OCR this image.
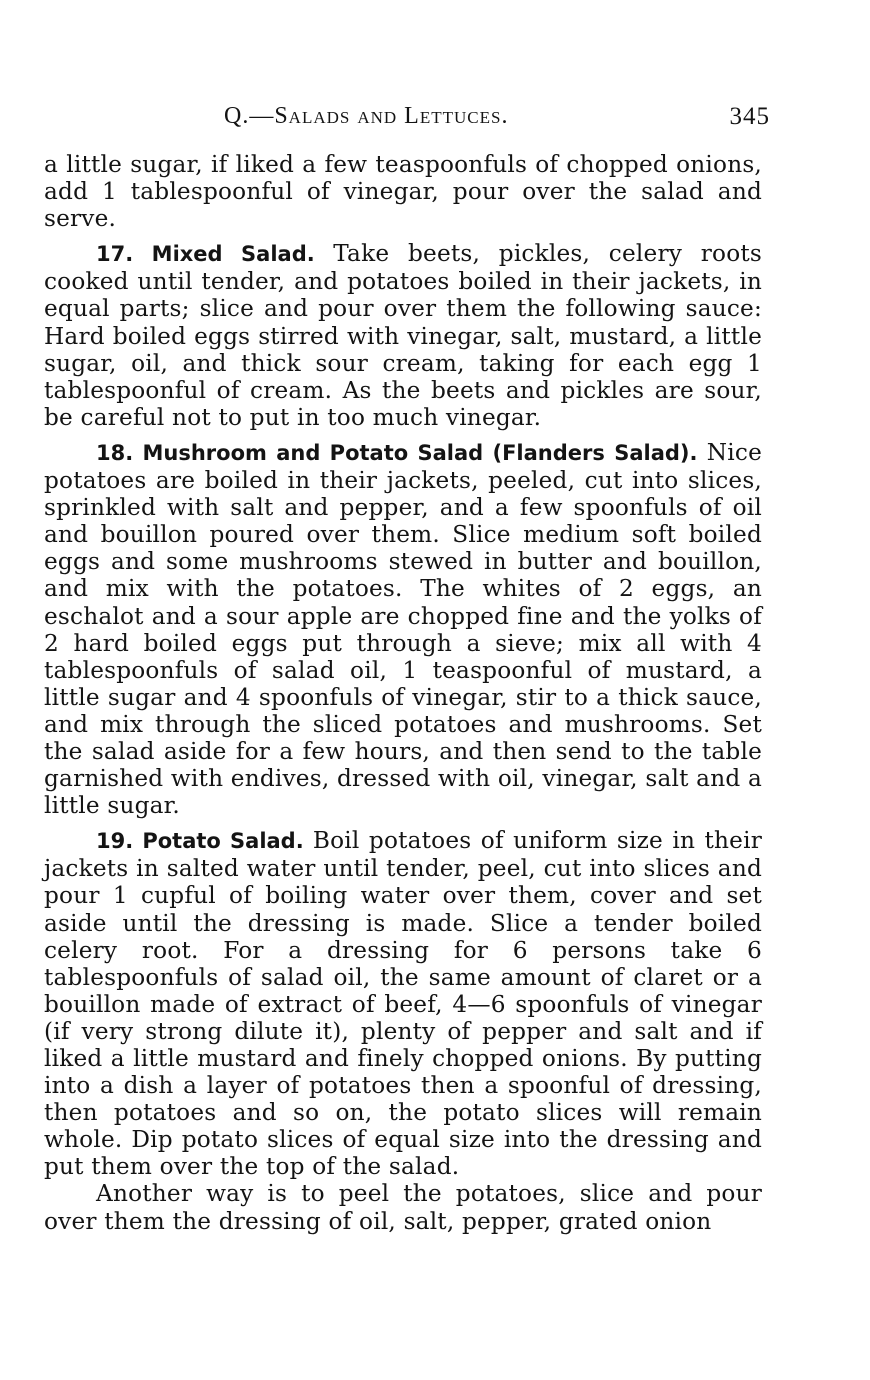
Q.—Salads and Lettuces.	345

a little sugar, if liked a few teaspoonfuls of chopped onions, add 1 tablespoonful of vinegar, pour over the salad and serve.

17. Mixed Salad. Take beets, pickles, celery roots cooked until tender, and potatoes boiled in their jackets, in equal parts; slice and pour over them the following sauce: Hard boiled eggs stirred with vinegar, salt, mustard, a little sugar, oil, and thick sour cream, taking for each egg 1 tablespoonful of cream. As the beets and pickles are sour, be careful not to put in too much vinegar.

18. Mushroom and Potato Salad (Flanders Salad). Nice potatoes are boiled in their jackets, peeled, cut into slices, sprinkled with salt and pepper, and a few spoonfuls of oil and bouillon poured over them. Slice medium soft boiled eggs and some mushrooms stewed in butter and bouillon, and mix with the potatoes. The whites of 2 eggs, an eschalot and a sour apple are chopped fine and the yolks of 2 hard boiled eggs put through a sieve; mix all with 4 tablespoonfuls of salad oil, 1 teaspoonful of mustard, a little sugar and 4 spoonfuls of vinegar, stir to a thick sauce, and mix through the sliced potatoes and mushrooms. Set the salad aside for a few hours, and then send to the table garnished with endives, dressed with oil, vinegar, salt and a little sugar.

19. Potato Salad. Boil potatoes of uniform size in their jackets in salted water until tender, peel, cut into slices and pour 1 cupful of boiling water over them, cover and set aside until the dressing is made. Slice a tender boiled celery root. For a dressing for 6 persons take 6 tablespoonfuls of salad oil, the same amount of claret or a bouillon made of extract of beef, 4—6 spoonfuls of vinegar (if very strong dilute it), plenty of pepper and salt and if liked a little mustard and finely chopped onions. By putting into a dish a layer of potatoes then a spoonful of dressing, then potatoes and so on, the potato slices will remain whole. Dip potato slices of equal size into the dressing and put them over the top of the salad.

Another way is to peel the potatoes, slice and pour over them the dressing of oil, salt, pepper, grated onion
